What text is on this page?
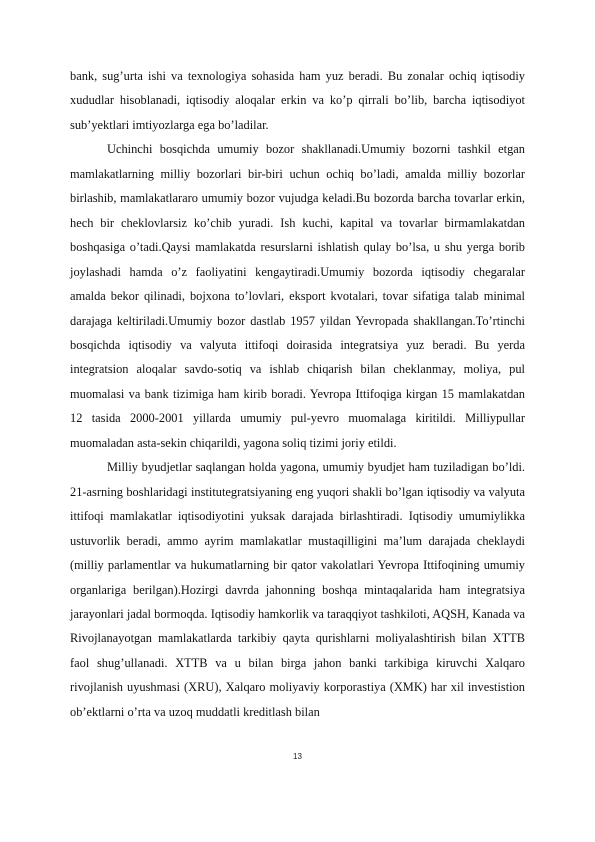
bank, sug’urta ishi va texnologiya sohasida ham yuz beradi. Bu zonalar ochiq iqtisodiy xududlar hisoblanadi, iqtisodiy aloqalar erkin va ko’p qirrali bo’lib, barcha iqtisodiyot sub’yektlari imtiyozlarga ega bo’ladilar.

Uchinchi bosqichda umumiy bozor shakllanadi.Umumiy bozorni tashkil etgan mamlakatlarning milliy bozorlari bir-biri uchun ochiq bo’ladi, amalda milliy bozorlar birlashib, mamlakatlararo umumiy bozor vujudga keladi.Bu bozorda barcha tovarlar erkin, hech bir cheklovlarsiz ko’chib yuradi. Ish kuchi, kapital va tovarlar birmamlakatdan boshqasiga o’tadi.Qaysi mamlakatda resurslarni ishlatish qulay bo’lsa, u shu yerga borib joylashadi hamda o’z faoliyatini kengaytiradi.Umumiy bozorda iqtisodiy chegaralar amalda bekor qilinadi, bojxona to’lovlari, eksport kvotalari, tovar sifatiga talab minimal darajaga keltiriladi.Umumiy bozor dastlab 1957 yildan Yevropada shakllangan.To’rtinchi bosqichda iqtisodiy va valyuta ittifoqi doirasida integratsiya yuz beradi. Bu yerda integratsion aloqalar savdo-sotiq va ishlab chiqarish bilan cheklanmay, moliya, pul muomalasi va bank tizimiga ham kirib boradi. Yevropa Ittifoqiga kirgan 15 mamlakatdan 12 tasida 2000-2001 yillarda umumiy pul-yevro muomalaga kiritildi. Milliypullar muomaladan asta-sekin chiqarildi, yagona soliq tizimi joriy etildi.

Milliy byudjetlar saqlangan holda yagona, umumiy byudjet ham tuziladigan bo’ldi. 21-asrning boshlaridagi institutegratsiyaning eng yuqori shakli bo’lgan iqtisodiy va valyuta ittifoqi mamlakatlar iqtisodiyotini yuksak darajada birlashtiradi. Iqtisodiy umumiylikka ustuvorlik beradi, ammo ayrim mamlakatlar mustaqilligini ma’lum darajada cheklaydi (milliy parlamentlar va hukumatlarning bir qator vakolatlari Yevropa Ittifoqining umumiy organlariga berilgan).Hozirgi davrda jahonning boshqa mintaqalarida ham integratsiya jarayonlari jadal bormoqda. Iqtisodiy hamkorlik va taraqqiyot tashkiloti, AQSH, Kanada va Rivojlanayotgan mamlakatlarda tarkibiy qayta qurishlarni moliyalashtirish bilan XTTB faol shug’ullanadi. XTTB va u bilan birga jahon banki tarkibiga kiruvchi Xalqaro rivojlanish uyushmasi (XRU), Xalqaro moliyaviy korporastiya (XMK) har xil investistion ob’ektlarni o’rta va uzoq muddatli kreditlash bilan

13
